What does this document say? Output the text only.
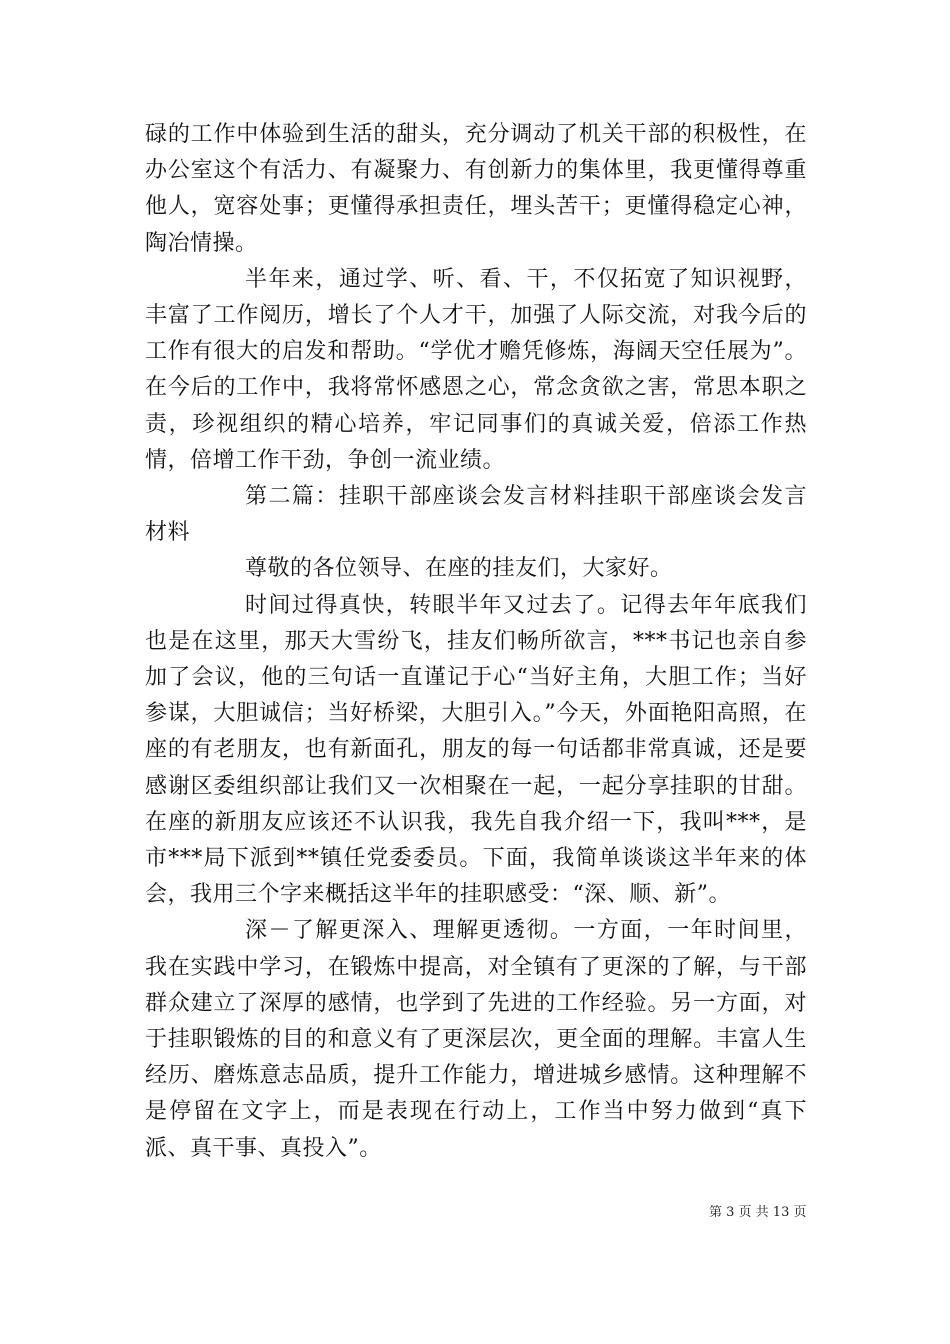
碌的工作中体验到生活的甜头，充分调动了机关干部的积极性，在办公室这个有活力、有凝聚力、有创新力的集体里，我更懂得尊重他人，宽容处事；更懂得承担责任，埋头苦干；更懂得稳定心神，陶冶情操。

半年来，通过学、听、看、干，不仅拓宽了知识视野，丰富了工作阅历，增长了个人才干，加强了人际交流，对我今后的工作有很大的启发和帮助。“学优才赡凭修炼，海阔天空任展为”。在今后的工作中，我将常怀感恩之心，常念贪欲之害，常思本职之责，珍视组织的精心培养，牢记同事们的真诚关爱，倍添工作热情，倍增工作干劲，争创一流业绩。

第二篇：挂职干部座谈会发言材料挂职干部座谈会发言材料

尊敬的各位领导、在座的挂友们，大家好。

时间过得真快，转眼半年又过去了。记得去年年底我们也是在这里，那天大雪纷飞，挂友们畅所欲言，***书记也亲自参加了会议，他的三句话一直谨记于心“当好主角，大胆工作；当好参谋，大胆诚信；当好桥梁，大胆引入。”今天，外面艳阳高照，在座的有老朋友，也有新面孔，朋友的每一句话都非常真诚，还是要感谢区委组织部让我们又一次相聚在一起，一起分享挂职的甘甜。在座的新朋友应该还不认识我，我先自我介绍一下，我叫***，是市***局下派到**镇任党委委员。下面，我简单谈谈这半年来的体会，我用三个字来概括这半年的挂职感受：“深、顺、新”。

深－了解更深入、理解更透彻。一方面，一年时间里，我在实践中学习，在锻炼中提高，对全镇有了更深的了解，与干部群众建立了深厚的感情，也学到了先进的工作经验。另一方面，对于挂职锻炼的目的和意义有了更深层次，更全面的理解。丰富人生经历、磨炼意志品质，提升工作能力，增进城乡感情。这种理解不是停留在文字上，而是表现在行动上，工作当中努力做到“真下派、真干事、真投入”。

第 3 页 共 13 页
